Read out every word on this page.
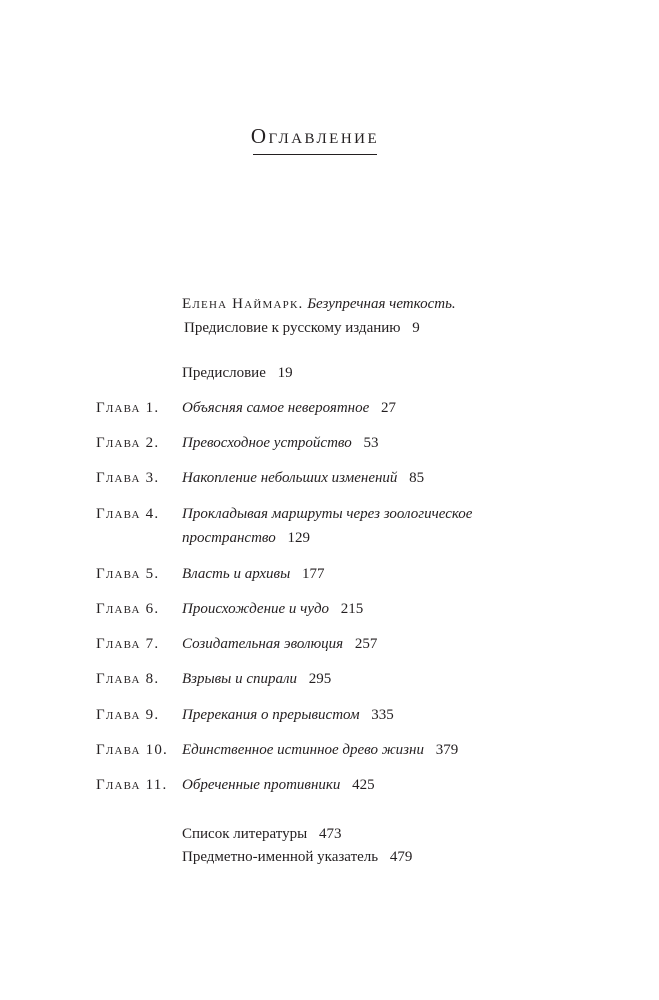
Оглавление
Елена Наймарк. Безупречная четкость.
Предисловие к русскому изданию 9
Предисловие 19
Глава 1. Объясняя самое невероятное 27
Глава 2. Превосходное устройство 53
Глава 3. Накопление небольших изменений 85
Глава 4. Прокладывая маршруты через зоологическое
пространство 129
Глава 5. Власть и архивы 177
Глава 6. Происхождение и чудо 215
Глава 7. Созидательная эволюция 257
Глава 8. Взрывы и спирали 295
Глава 9. Пререкания о прерывистом 335
Глава 10. Единственное истинное древо жизни 379
Глава 11. Обреченные противники 425
Список литературы 473
Предметно-именной указатель 479
